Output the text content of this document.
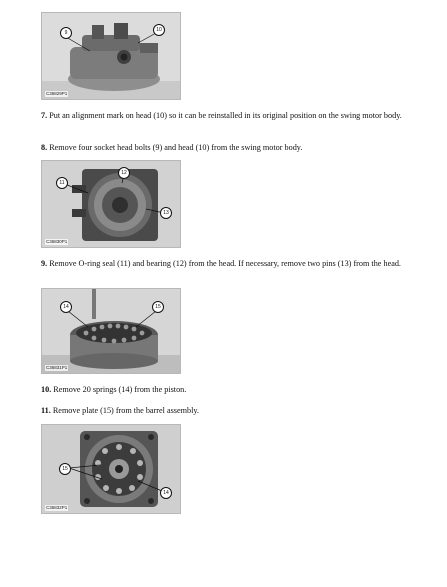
9	10
C36829P1

7. Put an alignment mark on head (10) so it can be reinstalled in its original position on the swing motor body.

8. Remove four socket head bolts (9) and head (10) from the swing motor body.

11
12
13
C36830P1

9. Remove O-ring seal (11) and bearing (12) from the head. If necessary, remove two pins (13) from the head.

14	15
C36831P1

10. Remove 20 springs (14) from the piston.

11. Remove plate (15) from the barrel assembly.

15
14
C36832P1
